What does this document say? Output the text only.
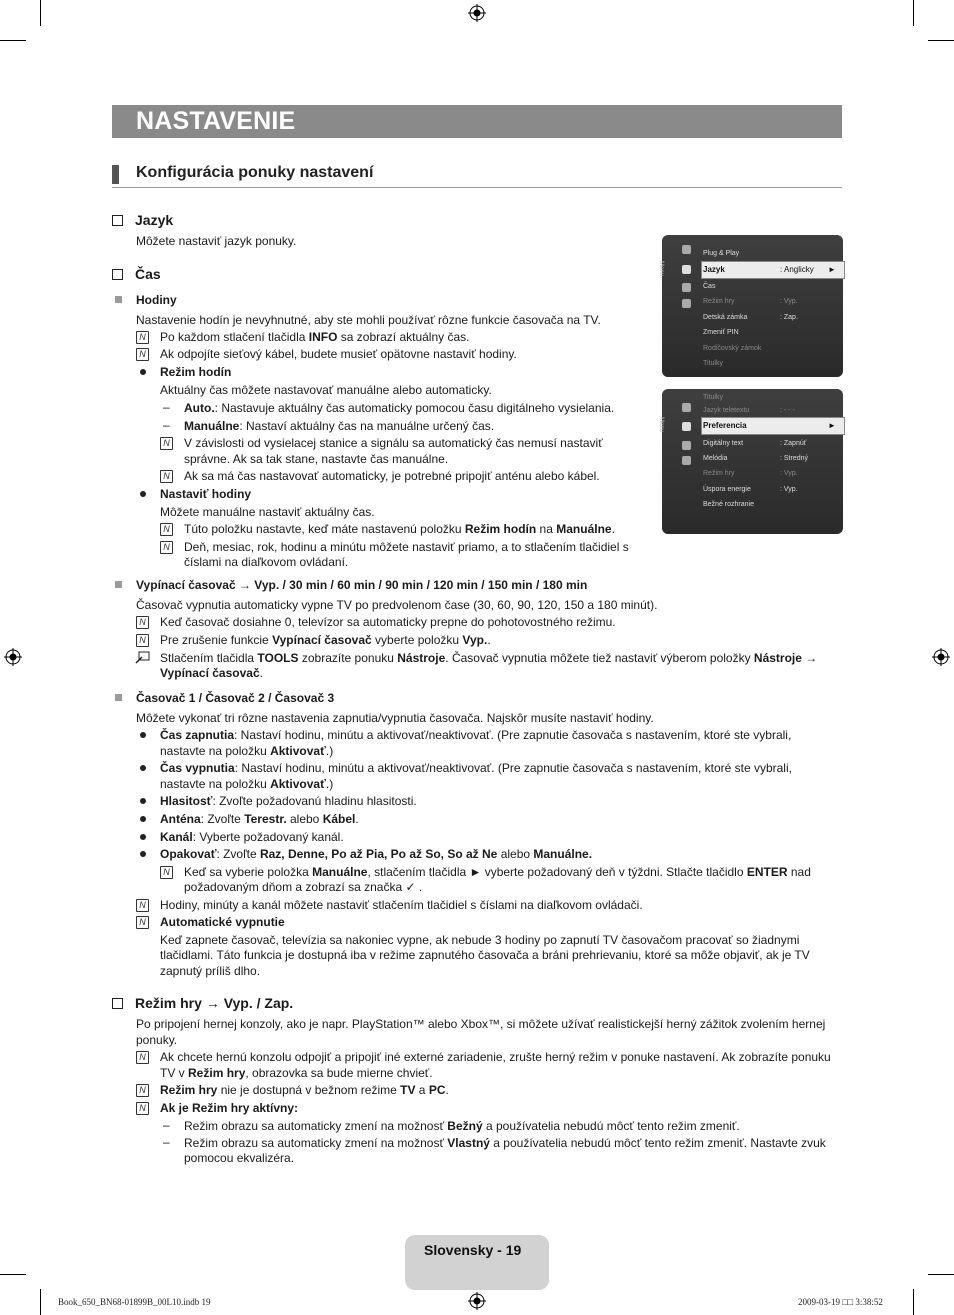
NASTAVENIE
Konfigurácia ponuky nastavení
Jazyk
Môžete nastaviť jazyk ponuky.
Čas
Hodiny
Nastavenie hodín je nevyhnutné, aby ste mohli používať rôzne funkcie časovača na TV.
N Po každom stlačení tlačidla INFO sa zobrazí aktuálny čas.
N Ak odpojíte sieťový kábel, budete musieť opätovne nastaviť hodiny.
Režim hodín
Aktuálny čas môžete nastavovať manuálne alebo automaticky.
– Auto.: Nastavuje aktuálny čas automaticky pomocou času digitálneho vysielania.
– Manuálne: Nastaví aktuálny čas na manuálne určený čas.
N V závislosti od vysielacej stanice a signálu sa automatický čas nemusí nastaviť
správne. Ak sa tak stane, nastavte čas manuálne.
N Ak sa má čas nastavovať automaticky, je potrebné pripojiť anténu alebo kábel.
Nastaviť hodiny
Môžete manuálne nastaviť aktuálny čas.
N Túto položku nastavte, keď máte nastavenú položku Režim hodín na Manuálne.
N Deň, mesiac, rok, hodinu a minútu môžete nastaviť priamo, a to stlačením tlačidiel s
číslami na diaľkovom ovládaní.
Menu
Plug & Play
Jazyk	: Anglicky ►
Čas
Režim hry	: Vyp.
Detská zámka	: Zap.
Zmeniť PIN
Rodičovský zámok
Titulky
Menu
Titulky
Jazyk teletextu	: - - -
Preferencia	►
Digitálny text	: Zapnúť
Melódia	: Stredný
Režim hry	: Vyp.
Úspora energie	: Vyp.
Bežné rozhranie
Vypínací časovač → Vyp. / 30 min / 60 min / 90 min / 120 min / 150 min / 180 min
Časovač vypnutia automaticky vypne TV po predvolenom čase (30, 60, 90, 120, 150 a 180 minút).
N Keď časovač dosiahne 0, televízor sa automaticky prepne do pohotovostného režimu.
N Pre zrušenie funkcie Vypínací časovač vyberte položku Vyp..
Stlačením tlačidla TOOLS zobrazíte ponuku Nástroje. Časovač vypnutia môžete tiež nastaviť výberom položky Nástroje →
Vypínací časovač.
Časovač 1 / Časovač 2 / Časovač 3
Môžete vykonať tri rôzne nastavenia zapnutia/vypnutia časovača. Najskôr musíte nastaviť hodiny.
Čas zapnutia: Nastaví hodinu, minútu a aktivovať/neaktivovať. (Pre zapnutie časovača s nastavením, ktoré ste vybrali,
nastavte na položku Aktivovať.)
Čas vypnutia: Nastaví hodinu, minútu a aktivovať/neaktivovať. (Pre zapnutie časovača s nastavením, ktoré ste vybrali,
nastavte na položku Aktivovať.)
Hlasitosť: Zvoľte požadovanú hladinu hlasitosti.
Anténa: Zvoľte Terestr. alebo Kábel.
Kanál: Vyberte požadovaný kanál.
Opakovať: Zvoľte Raz, Denne, Po až Pia, Po až So, So až Ne alebo Manuálne.
N Keď sa vyberie položka Manuálne, stlačením tlačidla ► vyberte požadovaný deň v týždni. Stlačte tlačidlo ENTER nad
požadovaným dňom a zobrazí sa značka ✓ .
N Hodiny, minúty a kanál môžete nastaviť stlačením tlačidiel s číslami na diaľkovom ovládači.
N Automatické vypnutie
Keď zapnete časovač, televízia sa nakoniec vypne, ak nebude 3 hodiny po zapnutí TV časovačom pracovať so žiadnymi
tlačidlami. Táto funkcia je dostupná iba v režime zapnutého časovača a bráni prehrievaniu, ktoré sa môže objaviť, ak je TV
zapnutý príliš dlho.
Režim hry → Vyp. / Zap.
Po pripojení hernej konzoly, ako je napr. PlayStation™ alebo Xbox™, si môžete užívať realistickejší herný zážitok zvolením hernej
ponuky.
N Ak chcete hernú konzolu odpojiť a pripojiť iné externé zariadenie, zrušte herný režim v ponuke nastavení. Ak zobrazíte ponuku
TV v Režim hry, obrazovka sa bude mierne chvieť.
N Režim hry nie je dostupná v bežnom režime TV a PC.
N Ak je Režim hry aktívny:
– Režim obrazu sa automaticky zmení na možnosť Bežný a používatelia nebudú môcť tento režim zmeniť.
– Režim obrazu sa automaticky zmení na možnosť Vlastný a používatelia nebudú môcť tento režim zmeniť. Nastavte zvuk
pomocou ekvalizéra.
Slovensky - 19
Book_650_BN68-01899B_00L10.indb 19	2009-03-19 □□ 3:38:52
